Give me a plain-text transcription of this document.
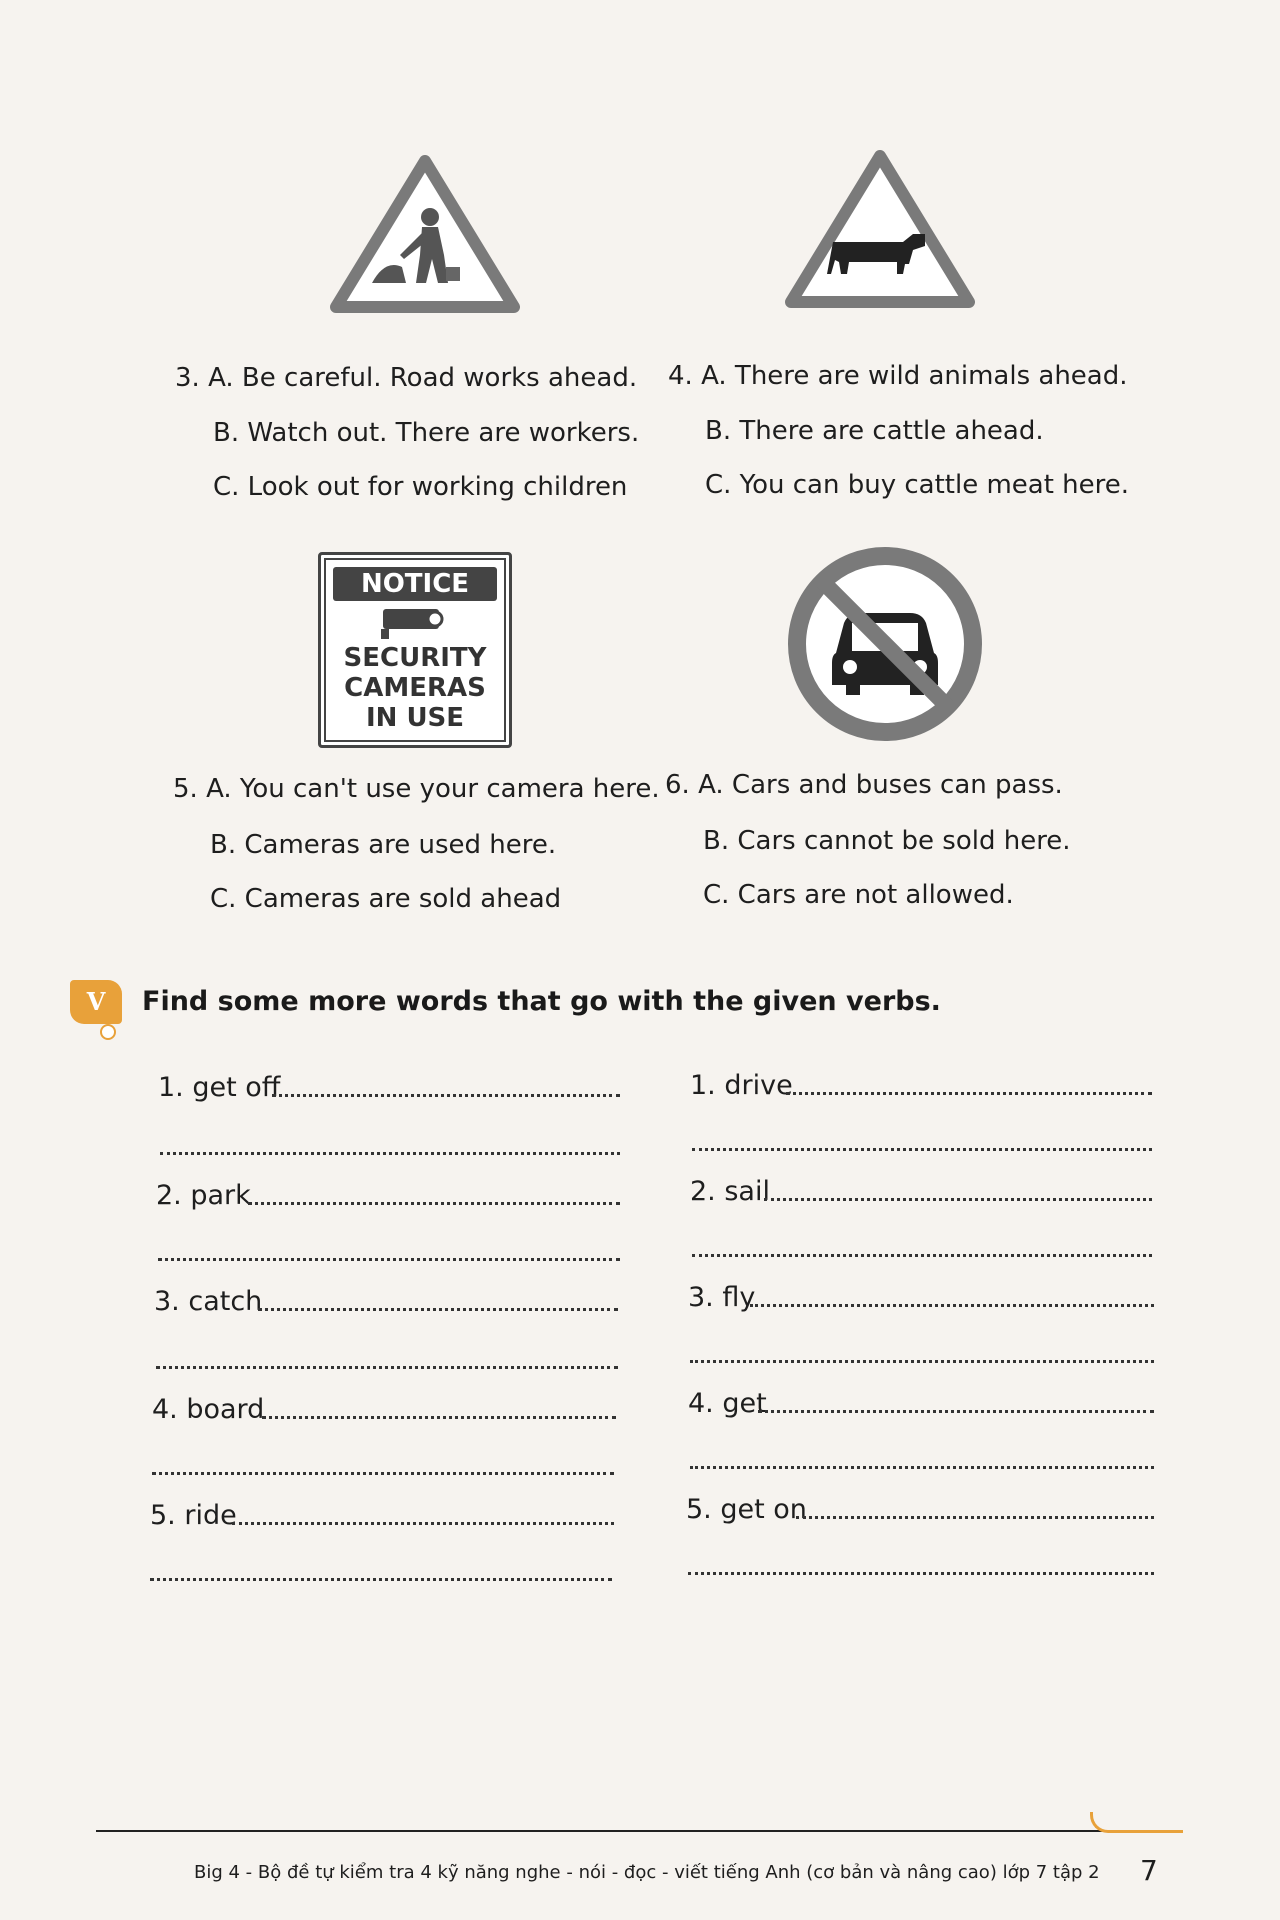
3. A. Be careful. Road works ahead.
B. Watch out. There are workers.
C. Look out for working children
4. A. There are wild animals ahead.
B. There are cattle ahead.
C. You can buy cattle meat here.
NOTICE
SECURITY
CAMERAS
IN USE
5. A. You can't use your camera here.
B. Cameras are used here.
C. Cameras are sold ahead
6. A. Cars and buses can pass.
B. Cars cannot be sold here.
C. Cars are not allowed.
V	Find some more words that go with the given verbs.
1. get off
2. park
3. catch
4. board
5. ride
1. drive
2. sail
3. fly
4. get
5. get on
Big 4 - Bộ đề tự kiểm tra 4 kỹ năng nghe - nói - đọc - viết tiếng Anh (cơ bản và nâng cao) lớp 7 tập 2 7
